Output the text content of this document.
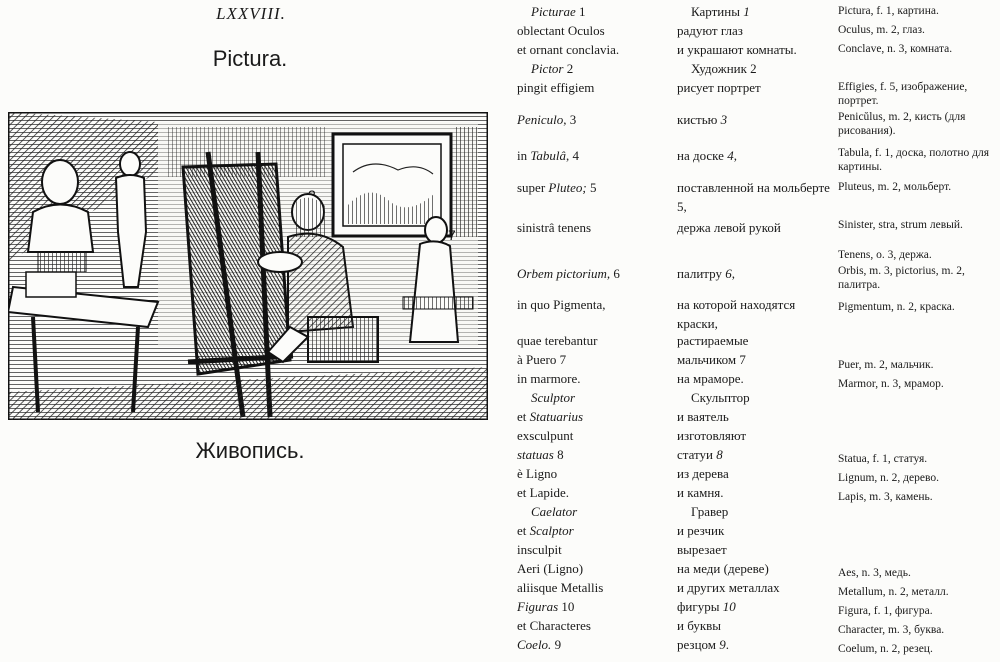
LXXVIII.
Pictura.
7
Живопись.
Picturae 1
oblectant Oculos
et ornant conclavia.
Pictor 2
pingit effigiem
Peniculo, 3
in Tabulâ, 4
super Pluteo; 5
sinistrâ tenens
Orbem pictorium, 6
in quo Pigmenta,
quae terebantur
à Puero 7
in marmore.
Sculptor
et Statuarius
exsculpunt
statuas 8
è Ligno
et Lapide.
Caelator
et Scalptor
insculpit
Aeri (Ligno)
aliisque Metallis
Figuras 10
et Characteres
Coelo. 9
Картины 1
радуют глаз
и украшают комнаты.
Художник 2
рисует портрет
кистью 3
на доске 4,
поставленной на мольберте 5,
держа левой рукой
палитру 6,
на которой находятся краски,
растираемые
мальчиком 7
на мраморе.
Скульптор
и ваятель
изготовляют
статуи 8
из дерева
и камня.
Гравер
и резчик
вырезает
на меди (дереве)
и других металлах
фигуры 10
и буквы
резцом 9.
Pictura, f. 1, картина.
Oculus, m. 2, глаз.
Conclave, n. 3, комната.
Effigies, f. 5, изображение, портрет.
Penicŭlus, m. 2, кисть (для рисования).
Tabula, f. 1, доска, полотно для картины.
Pluteus, m. 2, мольберт.
Sinister, stra, strum левый.
Tenens, o. 3, держа.
Orbis, m. 3, pictorius, m. 2, палитра.
Pigmentum, n. 2, краска.
Puer, m. 2, мальчик.
Marmor, n. 3, мрамор.
Statua, f. 1, статуя.
Lignum, n. 2, дерево.
Lapis, m. 3, камень.
Aes, n. 3, медь.
Metallum, n. 2, металл.
Figura, f. 1, фигура.
Character, m. 3, буква.
Coelum, n. 2, резец.
